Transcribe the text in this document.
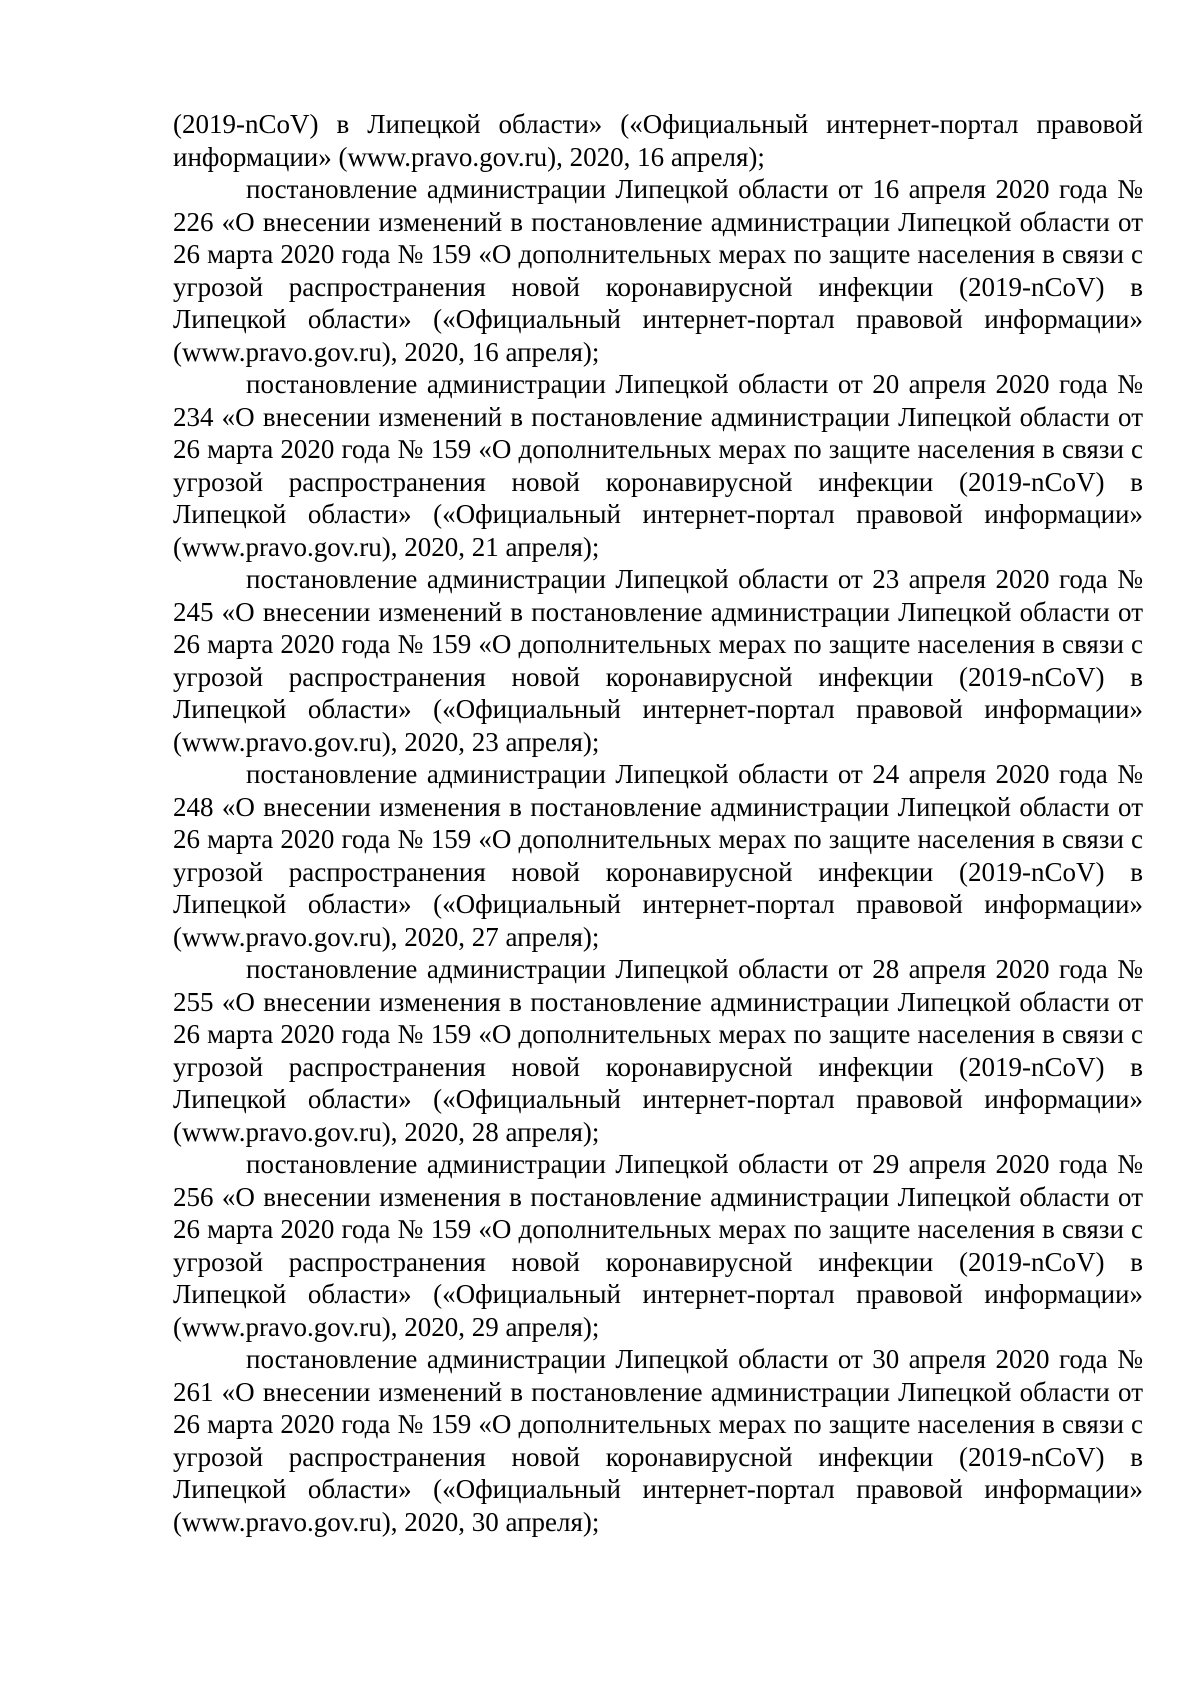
(2019-nCoV) в Липецкой области» («Официальный интернет-портал правовой информации» (www.pravo.gov.ru), 2020, 16 апреля);

постановление администрации Липецкой области от 16 апреля 2020 года № 226 «О внесении изменений в постановление администрации Липецкой области от 26 марта 2020 года № 159 «О дополнительных мерах по защите населения в связи с угрозой распространения новой коронавирусной инфекции (2019-nCoV) в Липецкой области» («Официальный интернет-портал правовой информации» (www.pravo.gov.ru), 2020, 16 апреля);

постановление администрации Липецкой области от 20 апреля 2020 года № 234 «О внесении изменений в постановление администрации Липецкой области от 26 марта 2020 года № 159 «О дополнительных мерах по защите населения в связи с угрозой распространения новой коронавирусной инфекции (2019-nCoV) в Липецкой области» («Официальный интернет-портал правовой информации» (www.pravo.gov.ru), 2020, 21 апреля);

постановление администрации Липецкой области от 23 апреля 2020 года № 245 «О внесении изменений в постановление администрации Липецкой области от 26 марта 2020 года № 159 «О дополнительных мерах по защите населения в связи с угрозой распространения новой коронавирусной инфекции (2019-nCoV) в Липецкой области» («Официальный интернет-портал правовой информации» (www.pravo.gov.ru), 2020, 23 апреля);

постановление администрации Липецкой области от 24 апреля 2020 года № 248 «О внесении изменения в постановление администрации Липецкой области от 26 марта 2020 года № 159 «О дополнительных мерах по защите населения в связи с угрозой распространения новой коронавирусной инфекции (2019-nCoV) в Липецкой области» («Официальный интернет-портал правовой информации» (www.pravo.gov.ru), 2020, 27 апреля);

постановление администрации Липецкой области от 28 апреля 2020 года № 255 «О внесении изменения в постановление администрации Липецкой области от 26 марта 2020 года № 159 «О дополнительных мерах по защите населения в связи с угрозой распространения новой коронавирусной инфекции (2019-nCoV) в Липецкой области» («Официальный интернет-портал правовой информации» (www.pravo.gov.ru), 2020, 28 апреля);

постановление администрации Липецкой области от 29 апреля 2020 года № 256 «О внесении изменения в постановление администрации Липецкой области от 26 марта 2020 года № 159 «О дополнительных мерах по защите населения в связи с угрозой распространения новой коронавирусной инфекции (2019-nCoV) в Липецкой области» («Официальный интернет-портал правовой информации» (www.pravo.gov.ru), 2020, 29 апреля);

постановление администрации Липецкой области от 30 апреля 2020 года № 261 «О внесении изменений в постановление администрации Липецкой области от 26 марта 2020 года № 159 «О дополнительных мерах по защите населения в связи с угрозой распространения новой коронавирусной инфекции (2019-nCoV) в Липецкой области» («Официальный интернет-портал правовой информации» (www.pravo.gov.ru), 2020, 30 апреля);
